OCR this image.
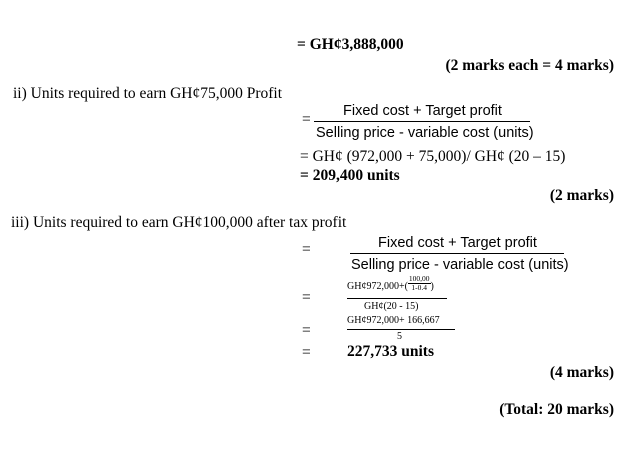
= GH¢3,888,000
(2 marks each = 4 marks)
ii) Units required to earn GH¢75,000 Profit
= Fixed cost + Target profit
Selling price - variable cost (units)
= GH¢ (972,000 + 75,000)/ GH¢ (20 – 15)
= 209,400 units
(2 marks)
iii) Units required to earn GH¢100,000 after tax profit
=	Fixed cost + Target profit
Selling price - variable cost (units)
=
GH¢972,000+( $\frac{100,00}{1-0.4}$ )
GH¢(20 - 15)
=
GH¢972,000+ 166,667
5
= 227,733 units
(4 marks)
(Total: 20 marks)
